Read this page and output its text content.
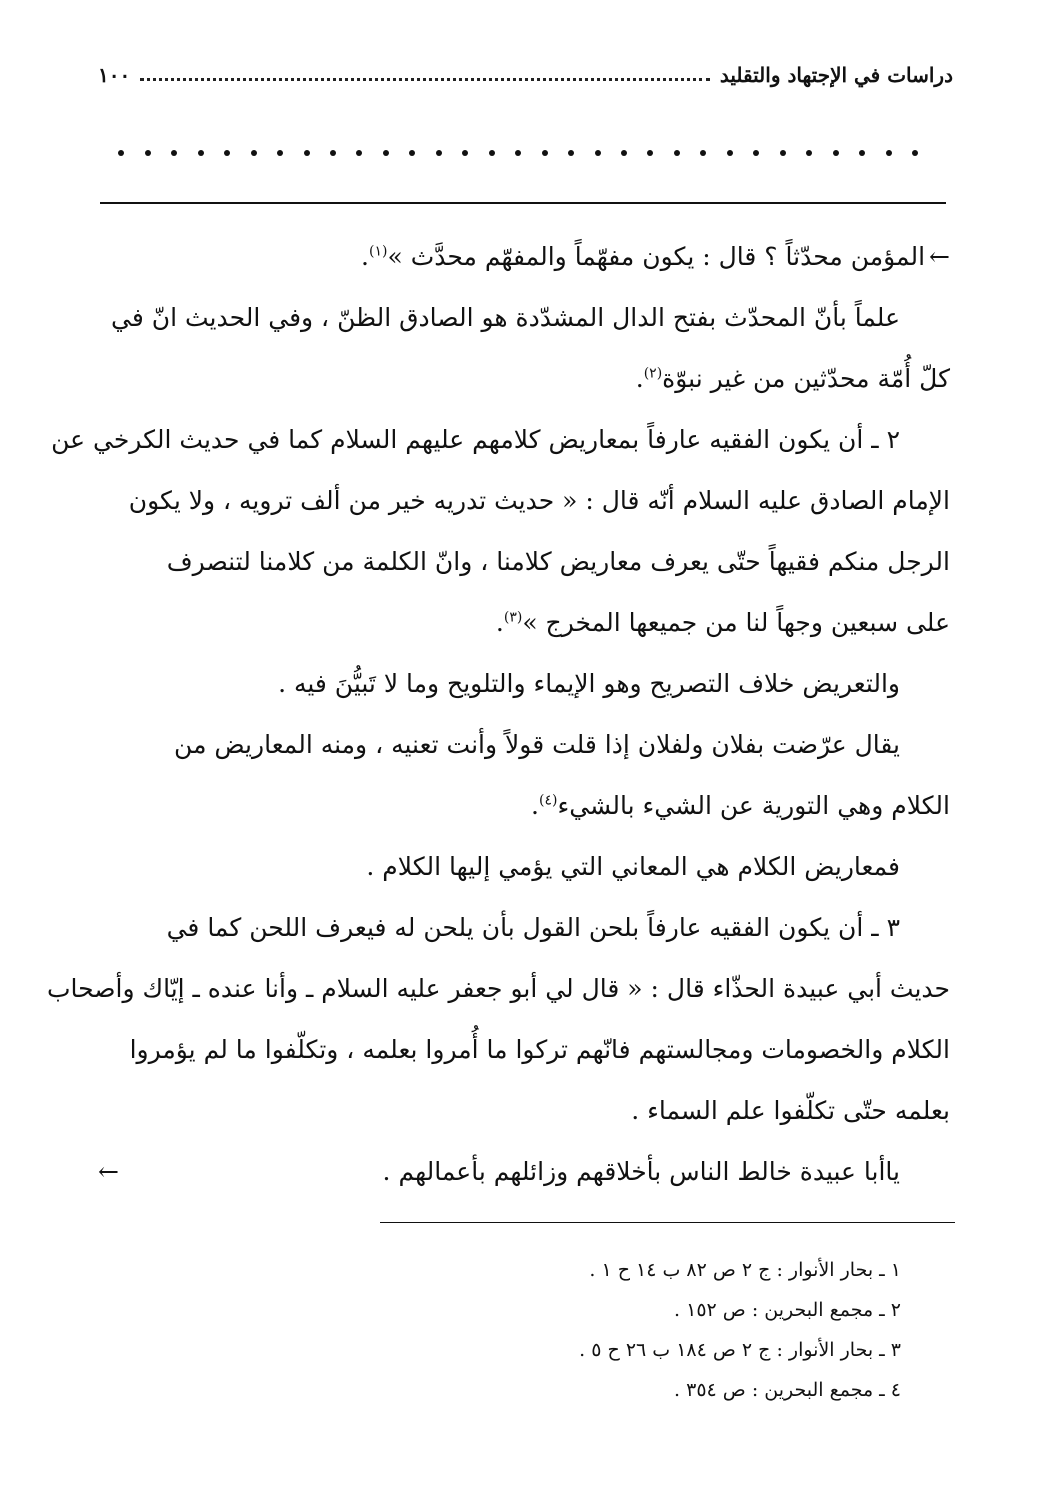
دراسات في الإجتهاد والتقليد
١٠٠
←المؤمن محدّثاً ؟ قال : يكون مفهّماً والمفهّم محدَّث »$^{(١)}$.
علماً بأنّ المحدّث بفتح الدال المشدّدة هو الصادق الظنّ ، وفي الحديث انّ في
كلّ أُمّة محدّثين من غير نبوّة$^{(٢)}$.
٢ ـ أن يكون الفقيه عارفاً بمعاريض كلامهم عليهم السلام كما في حديث الكرخي عن
الإمام الصادق عليه السلام أنّه قال : « حديث تدريه خير من ألف ترويه ، ولا يكون
الرجل منكم فقيهاً حتّى يعرف معاريض كلامنا ، وانّ الكلمة من كلامنا لتنصرف
على سبعين وجهاً لنا من جميعها المخرج »$^{(٣)}$.
والتعريض خلاف التصريح وهو الإيماء والتلويح وما لا تَبيُّنَ فيه .
يقال عرّضت بفلان ولفلان إذا قلت قولاً وأنت تعنيه ، ومنه المعاريض من
الكلام وهي التورية عن الشيء بالشيء$^{(٤)}$.
فمعاريض الكلام هي المعاني التي يؤمي إليها الكلام .
٣ ـ أن يكون الفقيه عارفاً بلحن القول بأن يلحن له فيعرف اللحن كما في
حديث أبي عبيدة الحذّاء قال : « قال لي أبو جعفر عليه السلام ـ وأنا عنده ـ إيّاك وأصحاب
الكلام والخصومات ومجالستهم فانّهم تركوا ما أُمروا بعلمه ، وتكلّفوا ما لم يؤمروا
بعلمه حتّى تكلّفوا علم السماء .
ياأبا عبيدة خالط الناس بأخلاقهم وزائلهم بأعمالهم .
←
١ ـ بحار الأنوار : ج ٢ ص ٨٢ ب ١٤ ح ١ .
٢ ـ مجمع البحرين : ص ١٥٢ .
٣ ـ بحار الأنوار : ج ٢ ص ١٨٤ ب ٢٦ ح ٥ .
٤ ـ مجمع البحرين : ص ٣٥٤ .
